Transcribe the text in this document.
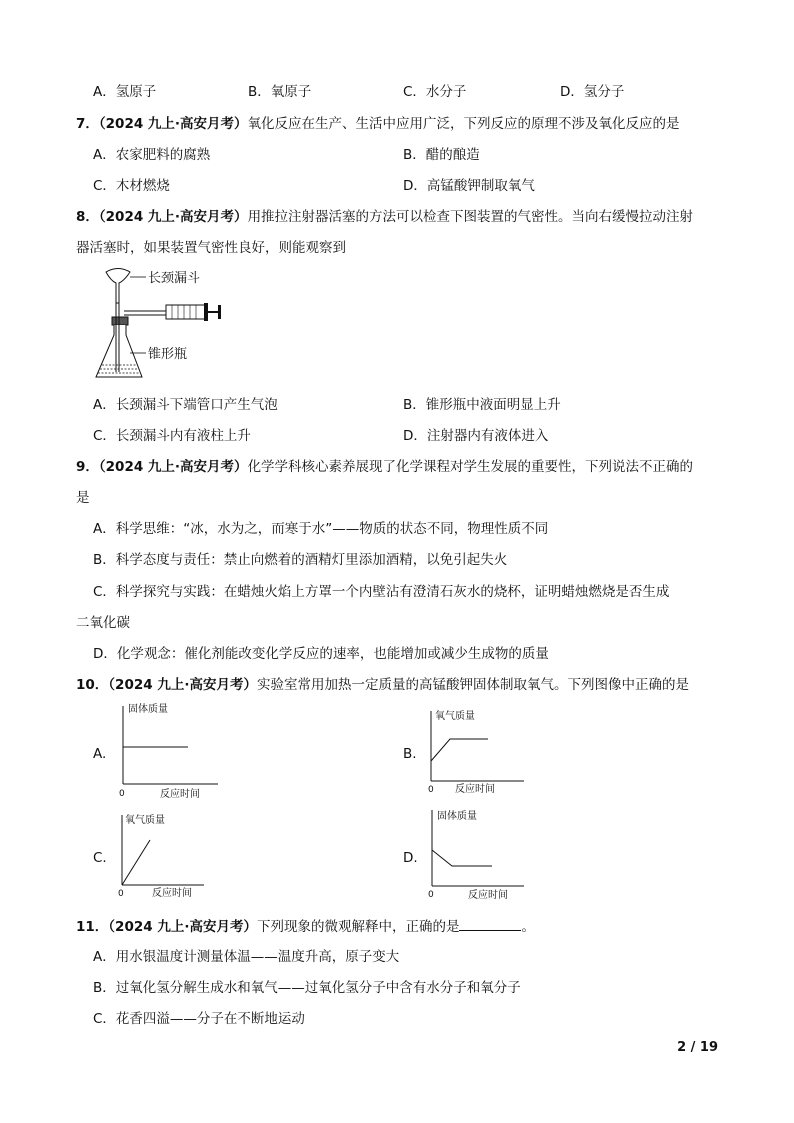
A．氢原子	B．氧原子	C．水分子	D．氢分子
7．（2024 九上·高安月考）氧化反应在生产、生活中应用广泛，下列反应的原理不涉及氧化反应的是
A．农家肥料的腐熟	B．醋的酿造
C．木材燃烧	D．高锰酸钾制取氧气
8．（2024 九上·高安月考）用推拉注射器活塞的方法可以检查下图装置的气密性。当向右缓慢拉动注射
器活塞时，如果装置气密性良好，则能观察到
长颈漏斗
锥形瓶
A．长颈漏斗下端管口产生气泡	B．锥形瓶中液面明显上升
C．长颈漏斗内有液柱上升	D．注射器内有液体进入
9．（2024 九上·高安月考）化学学科核心素养展现了化学课程对学生发展的重要性，下列说法不正确的
是
A．科学思维：“冰，水为之，而寒于水”——物质的状态不同，物理性质不同
B．科学态度与责任：禁止向燃着的酒精灯里添加酒精，以免引起失火
C．科学探究与实践：在蜡烛火焰上方罩一个内壁沾有澄清石灰水的烧杯，证明蜡烛燃烧是否生成
二氧化碳
D．化学观念：催化剂能改变化学反应的速率，也能增加或减少生成物的质量
10．（2024 九上·高安月考）实验室常用加热一定质量的高锰酸钾固体制取氧气。下列图像中正确的是
A.
固体质量
0	反应时间
B.
氧气质量
0 反应时间
C.
氧气质量
0	反应时间
D.
固体质量
0	反应时间
11．（2024 九上·高安月考）下列现象的微观解释中，正确的是	。
A．用水银温度计测量体温——温度升高，原子变大
B．过氧化氢分解生成水和氧气——过氧化氢分子中含有水分子和氧分子
C．花香四溢——分子在不断地运动
2 / 19
